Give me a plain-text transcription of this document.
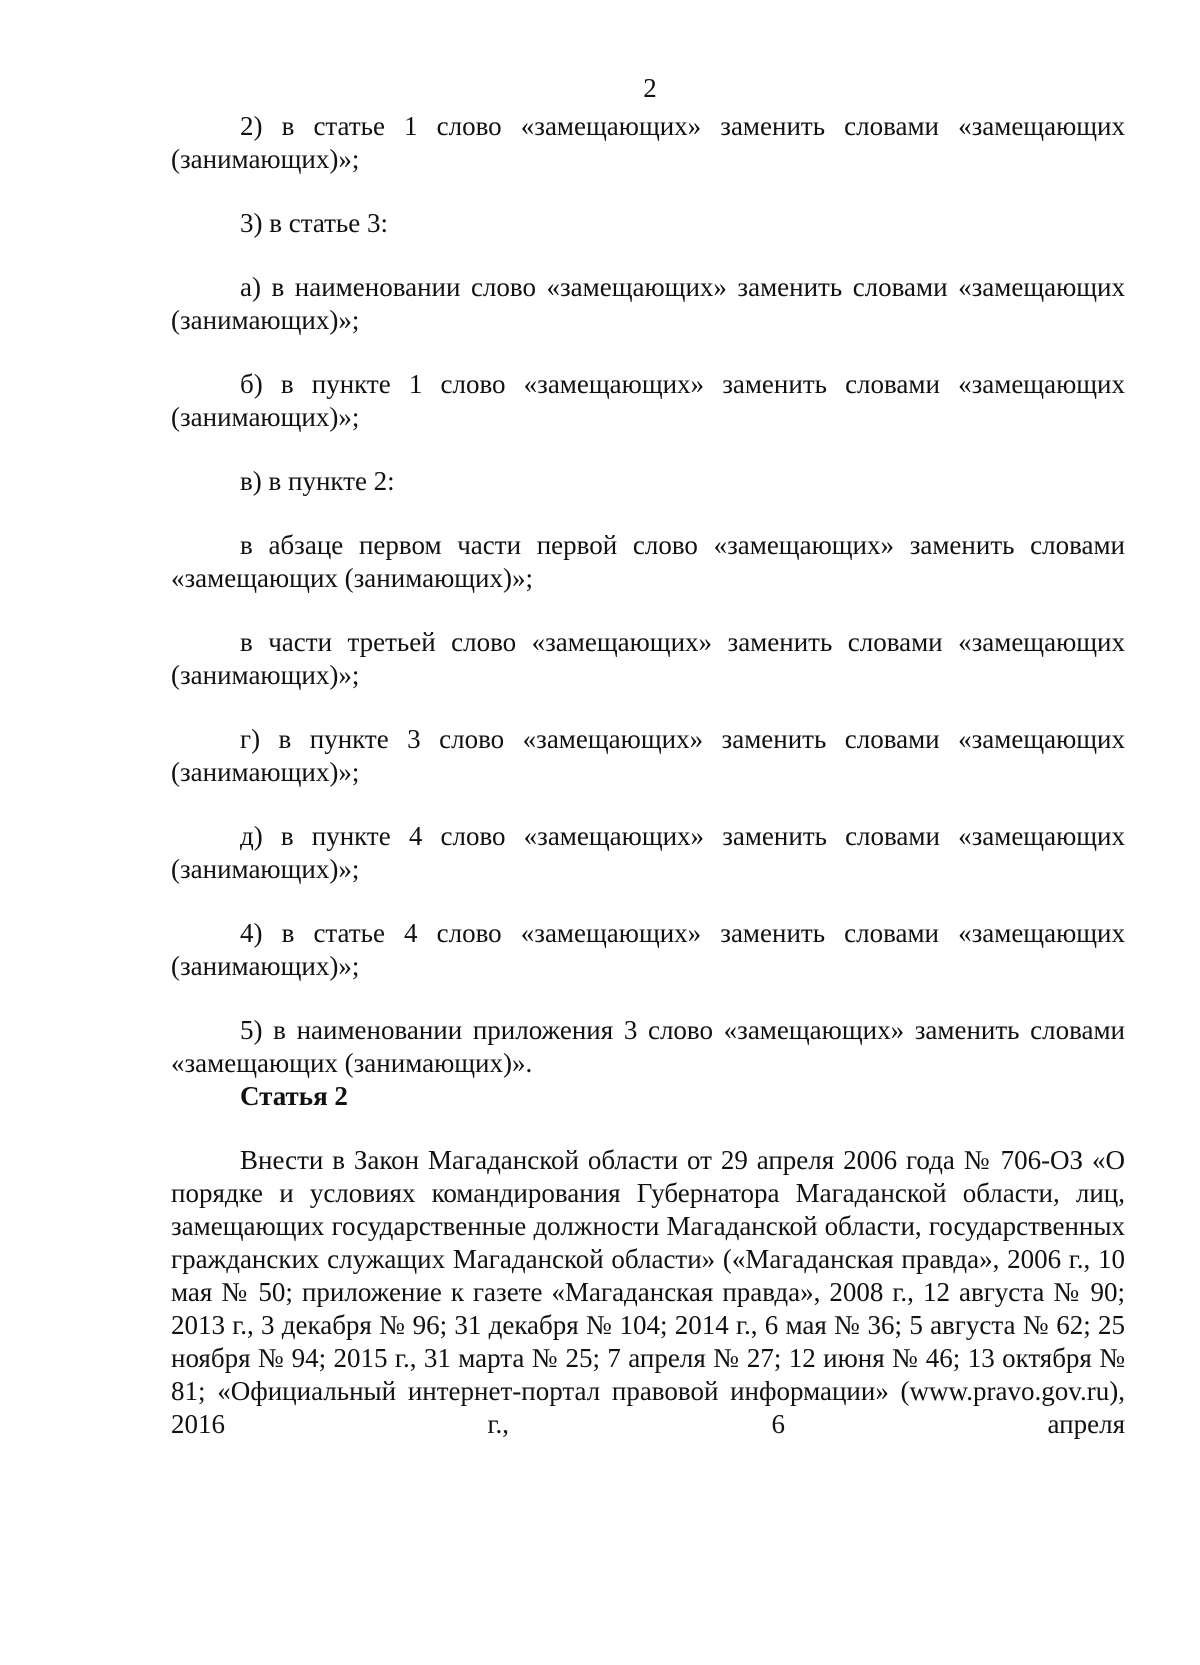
2

2) в статье 1 слово «замещающих» заменить словами «замещающих (занимающих)»;

3) в статье 3:

а) в наименовании слово «замещающих» заменить словами «замещающих (занимающих)»;

б) в пункте 1 слово «замещающих» заменить словами «замещающих (занимающих)»;

в) в пункте 2:

в абзаце первом части первой слово «замещающих» заменить словами «замещающих (занимающих)»;

в части третьей слово «замещающих» заменить словами «замещающих (занимающих)»;

г) в пункте 3 слово «замещающих» заменить словами «замещающих (занимающих)»;

д) в пункте 4 слово «замещающих» заменить словами «замещающих (занимающих)»;

4) в статье 4 слово «замещающих» заменить словами «замещающих (занимающих)»;

5) в наименовании приложения 3 слово «замещающих» заменить словами «замещающих (занимающих)».

Статья 2

Внести в Закон Магаданской области от 29 апреля 2006 года № 706-ОЗ «О порядке и условиях командирования Губернатора Магаданской области, лиц, замещающих государственные должности Магаданской области, государственных гражданских служащих Магаданской области» («Магаданская правда», 2006 г., 10 мая № 50; приложение к газете «Магаданская правда», 2008 г., 12 августа № 90; 2013 г., 3 декабря № 96; 31 декабря № 104; 2014 г., 6 мая № 36; 5 августа № 62; 25 ноября № 94; 2015 г., 31 марта № 25; 7 апреля № 27; 12 июня № 46; 13 октября № 81; «Официальный интернет-портал правовой информации» (www.pravo.gov.ru), 2016 г., 6 апреля
